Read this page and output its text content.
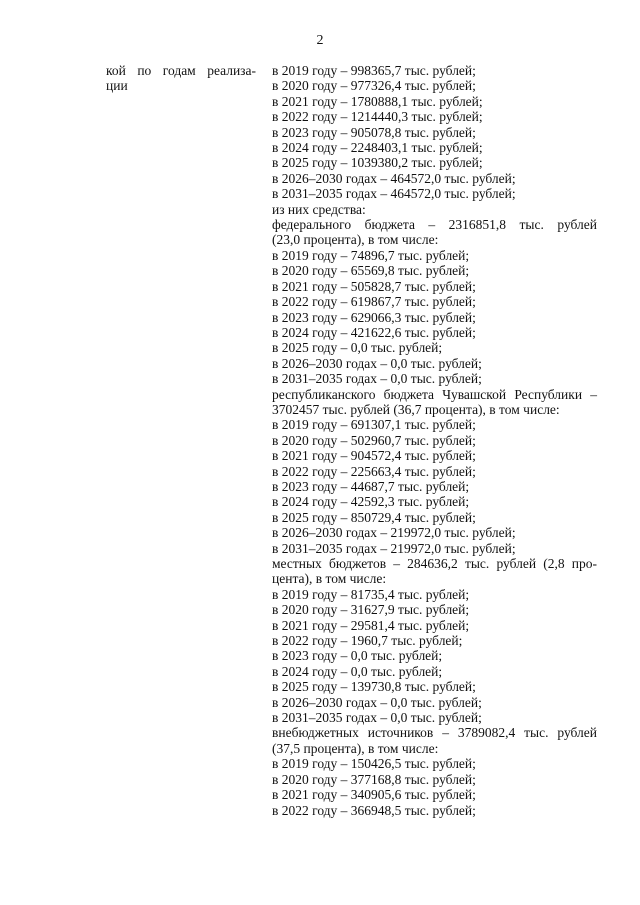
2
кой по годам реализа-
ции
в 2019 году – 998365,7 тыс. рублей;
в 2020 году – 977326,4 тыс. рублей;
в 2021 году – 1780888,1 тыс. рублей;
в 2022 году – 1214440,3 тыс. рублей;
в 2023 году – 905078,8 тыс. рублей;
в 2024 году – 2248403,1 тыс. рублей;
в 2025 году – 1039380,2 тыс. рублей;
в 2026–2030 годах – 464572,0 тыс. рублей;
в 2031–2035 годах – 464572,0 тыс. рублей;
из них средства:
федерального бюджета – 2316851,8 тыс. рублей
(23,0 процента), в том числе:
в 2019 году – 74896,7 тыс. рублей;
в 2020 году – 65569,8 тыс. рублей;
в 2021 году – 505828,7 тыс. рублей;
в 2022 году – 619867,7 тыс. рублей;
в 2023 году – 629066,3 тыс. рублей;
в 2024 году – 421622,6 тыс. рублей;
в 2025 году – 0,0 тыс. рублей;
в 2026–2030 годах – 0,0 тыс. рублей;
в 2031–2035 годах – 0,0 тыс. рублей;
республиканского бюджета Чувашской Республики –
3702457 тыс. рублей (36,7 процента), в том числе:
в 2019 году – 691307,1 тыс. рублей;
в 2020 году – 502960,7 тыс. рублей;
в 2021 году – 904572,4 тыс. рублей;
в 2022 году – 225663,4 тыс. рублей;
в 2023 году – 44687,7 тыс. рублей;
в 2024 году – 42592,3 тыс. рублей;
в 2025 году – 850729,4 тыс. рублей;
в 2026–2030 годах – 219972,0 тыс. рублей;
в 2031–2035 годах – 219972,0 тыс. рублей;
местных бюджетов – 284636,2 тыс. рублей (2,8 про-
цента), в том числе:
в 2019 году – 81735,4 тыс. рублей;
в 2020 году – 31627,9 тыс. рублей;
в 2021 году – 29581,4 тыс. рублей;
в 2022 году – 1960,7 тыс. рублей;
в 2023 году – 0,0 тыс. рублей;
в 2024 году – 0,0 тыс. рублей;
в 2025 году – 139730,8 тыс. рублей;
в 2026–2030 годах – 0,0 тыс. рублей;
в 2031–2035 годах – 0,0 тыс. рублей;
внебюджетных источников – 3789082,4 тыс. рублей
(37,5 процента), в том числе:
в 2019 году – 150426,5 тыс. рублей;
в 2020 году – 377168,8 тыс. рублей;
в 2021 году – 340905,6 тыс. рублей;
в 2022 году – 366948,5 тыс. рублей;
